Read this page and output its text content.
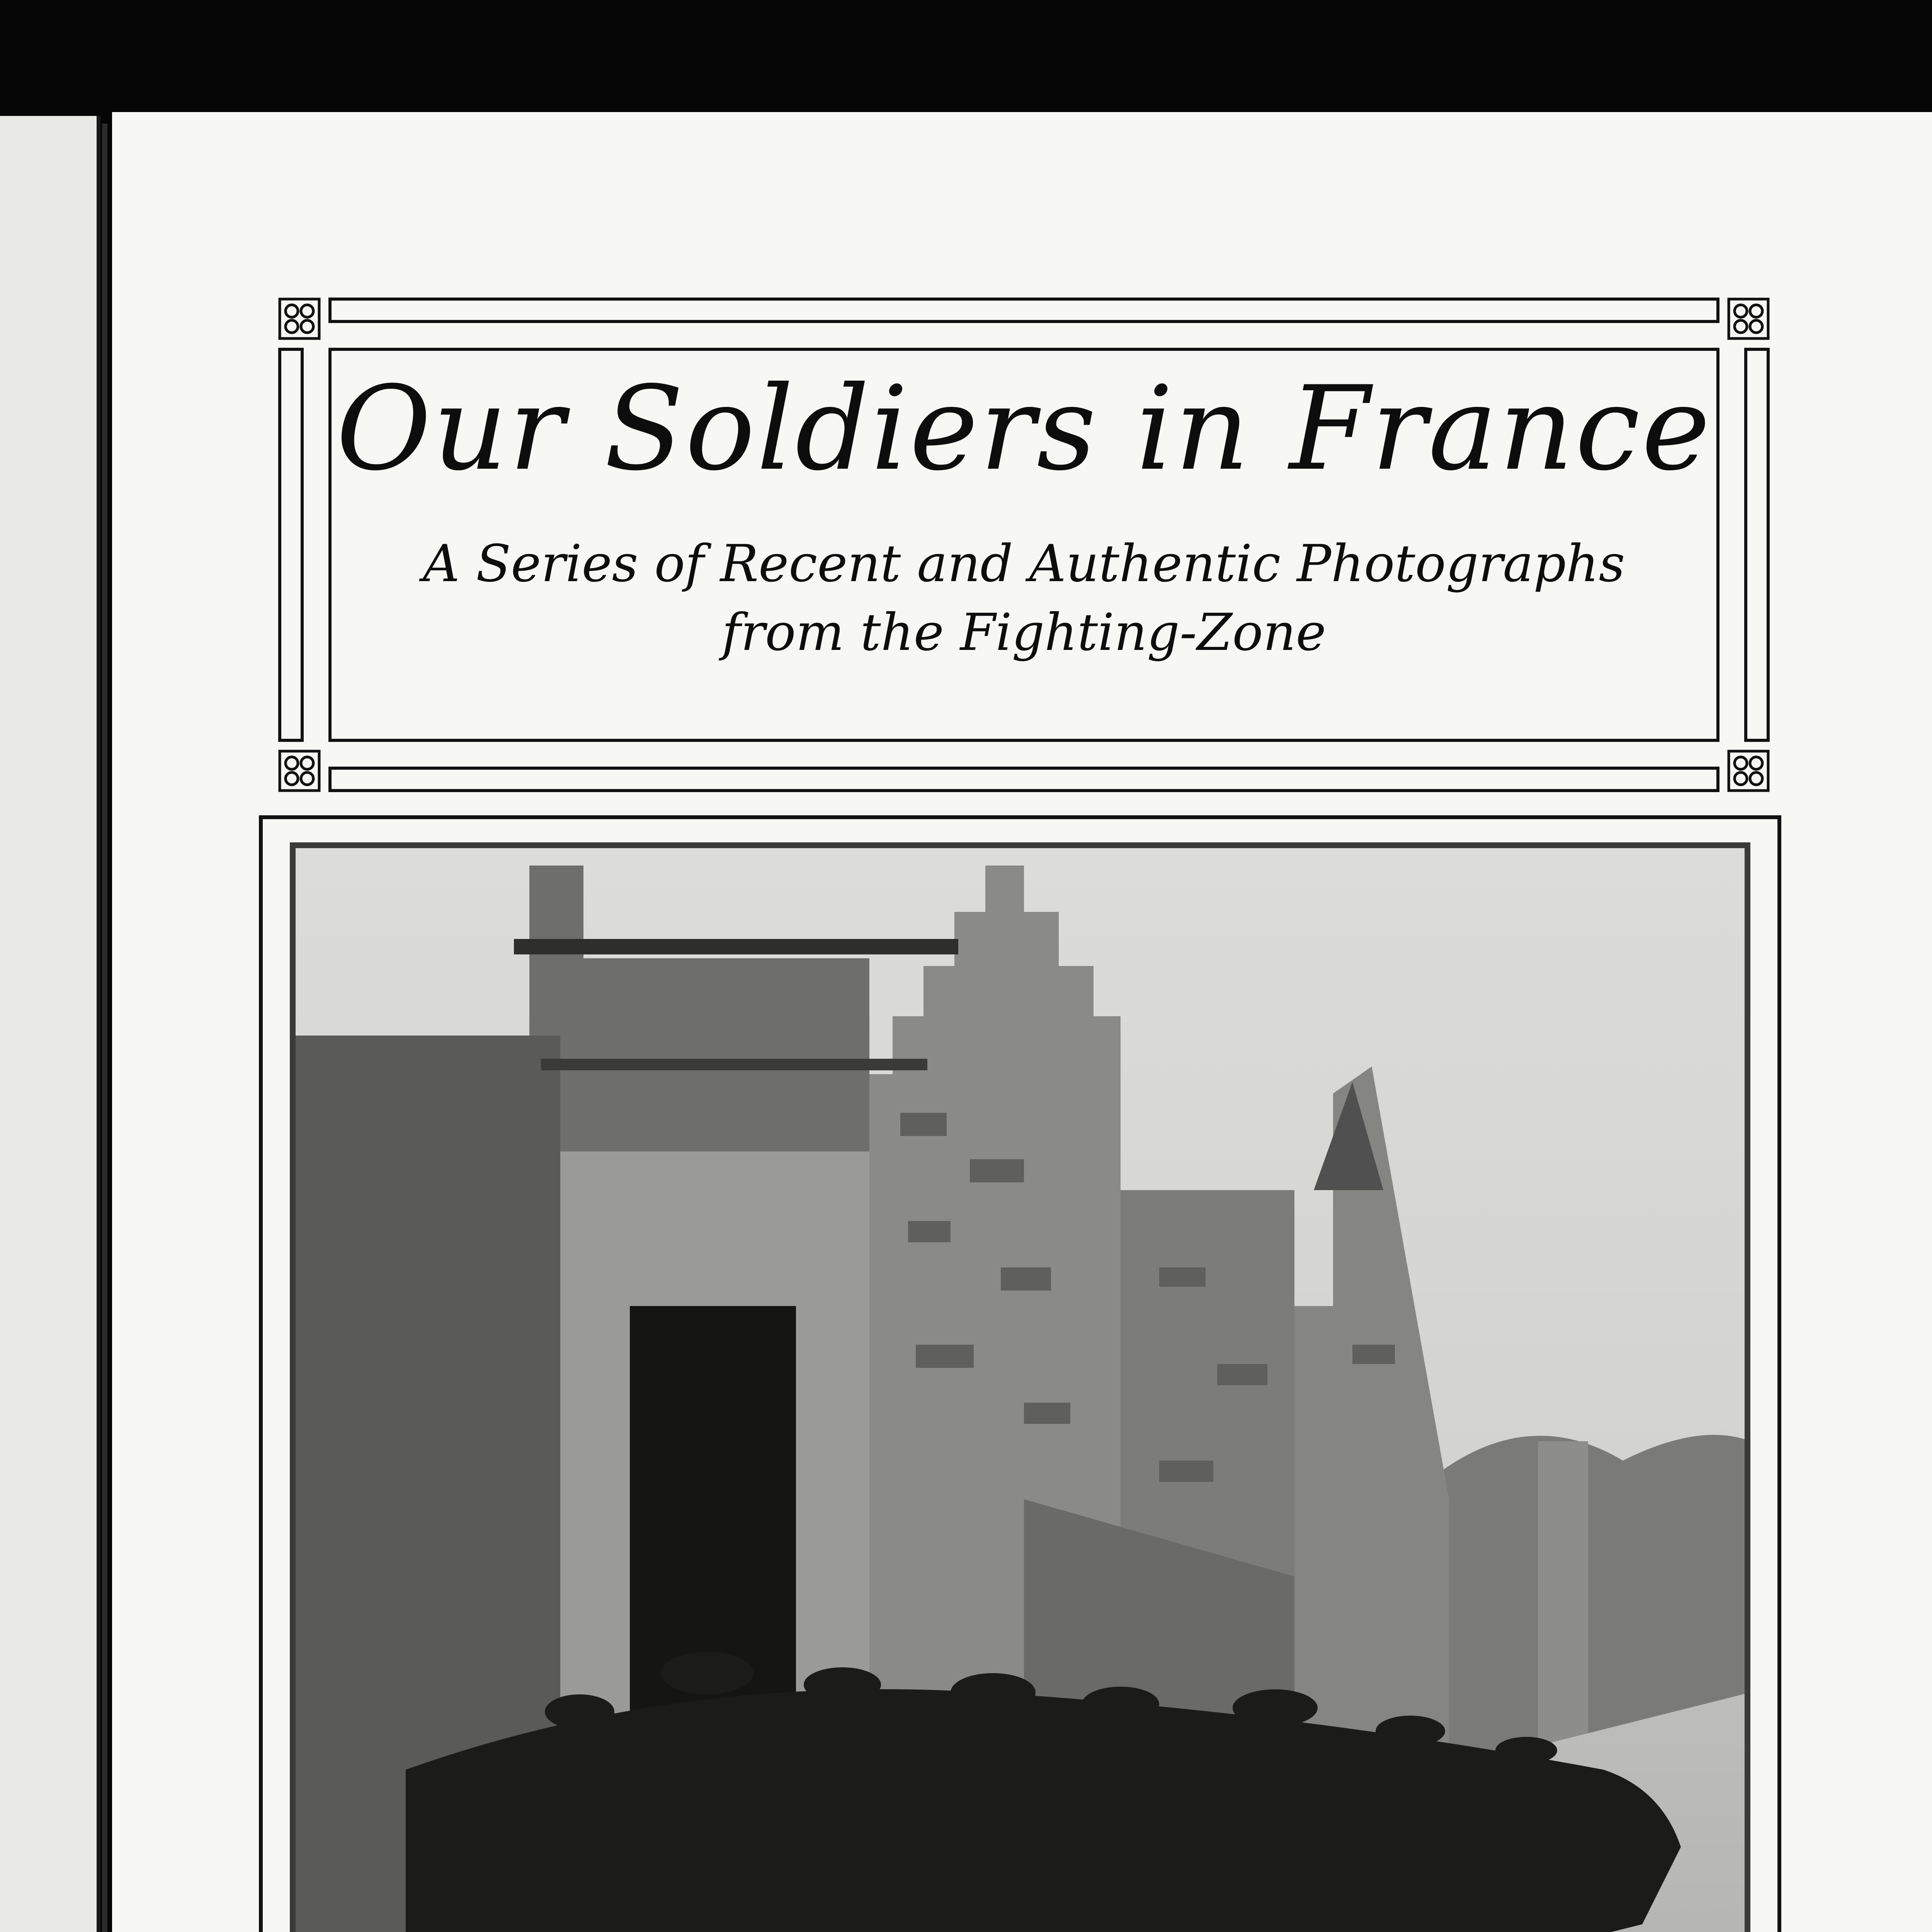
Our Soldiers in France
A Series of Recent and Authentic Photographs
from the Fighting-Zone
